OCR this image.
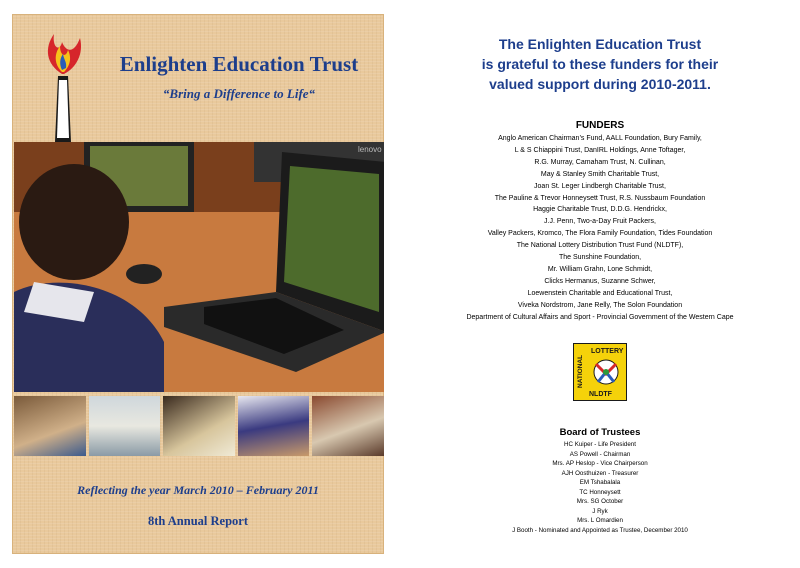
Enlighten Education Trust
“Bring a Difference to Life“
lenovo
Reflecting the year March 2010 – February 2011
8th Annual Report
The Enlighten Education Trust
is grateful to these funders for their
valued support during 2010-2011.
FUNDERS
Anglo American Chairman’s Fund, AALL Foundation, Bury Family,
L & S Chiappini Trust, DanIRL Holdings, Anne Toftager,
R.G. Murray, Camaham Trust, N. Cullinan,
May & Stanley Smith Charitable Trust,
Joan St. Leger Lindbergh Charitable Trust,
The Pauline & Trevor Honneysett Trust, R.S. Nussbaum Foundation
Haggie Charitable Trust, D.D.G. Hendrickx,
J.J. Penn, Two-a-Day Fruit Packers,
Valley Packers, Kromco, The Flora Family Foundation, Tides Foundation
The National Lottery Distribution Trust Fund (NLDTF),
The Sunshine Foundation,
Mr. William Grahn, Lone Schmidt,
Clicks Hermanus, Suzanne Schwer,
Loewenstein Charitable and Educational Trust,
Viveka Nordstrom, Jane Relly, The Solon Foundation
Department of Cultural Affairs and Sport - Provincial Government of the Western Cape
LOTTERY
NATIONAL
NLDTF
Board of Trustees
HC Kuiper - Life President
AS Powell - Chairman
Mrs. AP Heslop - Vice Chairperson
AJH Oosthuizen - Treasurer
EM Tshabalala
TC Honneysett
Mrs. SG October
J Ryk
Mrs. L Omardien
J Booth - Nominated and Appointed as Trustee, December 2010
